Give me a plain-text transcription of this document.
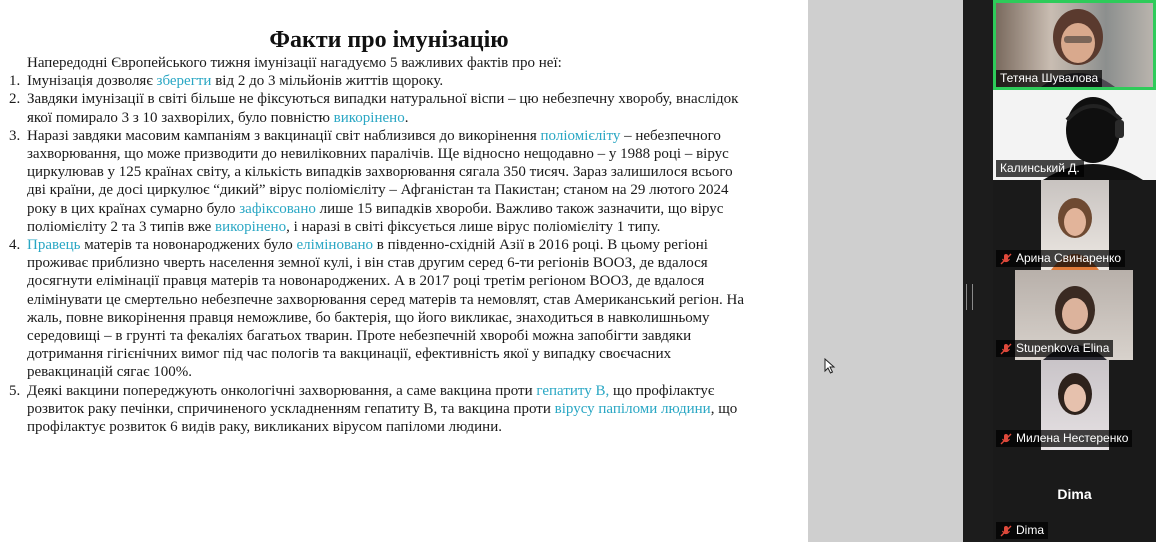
Факти про імунізацію

Напередодні Європейського тижня імунізації нагадуємо 5 важливих фактів про неї:

1. Імунізація дозволяє зберегти від 2 до 3 мільйонів життів щороку.
2. Завдяки імунізації в світі більше не фіксуються випадки натуральної віспи – цю небезпечну хворобу, внаслідок якої помирало 3 з 10 захворілих, було повністю викорінено.
3. Наразі завдяки масовим кампаніям з вакцинації світ наблизився до викорінення поліомієліту – небезпечного захворювання, що може призводити до невиліковних паралічів. Ще відносно нещодавно – у 1988 році – вірус циркулював у 125 країнах світу, а кількість випадків захворювання сягала 350 тисяч. Зараз залишилося всього дві країни, де досі циркулює “дикий” вірус поліомієліту – Афганістан та Пакистан; станом на 29 лютого 2024 року в цих країнах сумарно було зафіксовано лише 15 випадків хвороби. Важливо також зазначити, що вірус поліомієліту 2 та 3 типів вже викорінено, і наразі в світі фіксується лише вірус поліомієліту 1 типу.
4. Правець матерів та новонароджених було еліміновано в південно-східній Азії в 2016 році. В цьому регіоні проживає приблизно чверть населення земної кулі, і він став другим серед 6-ти регіонів ВООЗ, де вдалося досягнути елімінації правця матерів та новонароджених. А в 2017 році третім регіоном ВООЗ, де вдалося елімінувати це смертельно небезпечне захворювання серед матерів та немовлят, став Американський регіон. На жаль, повне викорінення правця неможливе, бо бактерія, що його викликає, знаходиться в навколишньому середовищі – в грунті та фекаліях багатьох тварин. Проте небезпечній хворобі можна запобігти завдяки дотримання гігієнічних вимог під час пологів та вакцинації, ефективність якої у випадку своєчасних ревакцинацій сягає 100%.
5. Деякі вакцини попереджують онкологічні захворювання, а саме вакцина проти гепатиту В, що профілактує розвиток раку печінки, спричиненого ускладненням гепатиту В, та вакцина проти вірусу папіломи людини, що профілактує розвиток 6 видів раку, викликаних вірусом папіломи людини.
Тетяна Шувалова
Калинський Д.
Арина Свинаренко
Stupenkova Elina
Милена Нестеренко
Dima
Dima
